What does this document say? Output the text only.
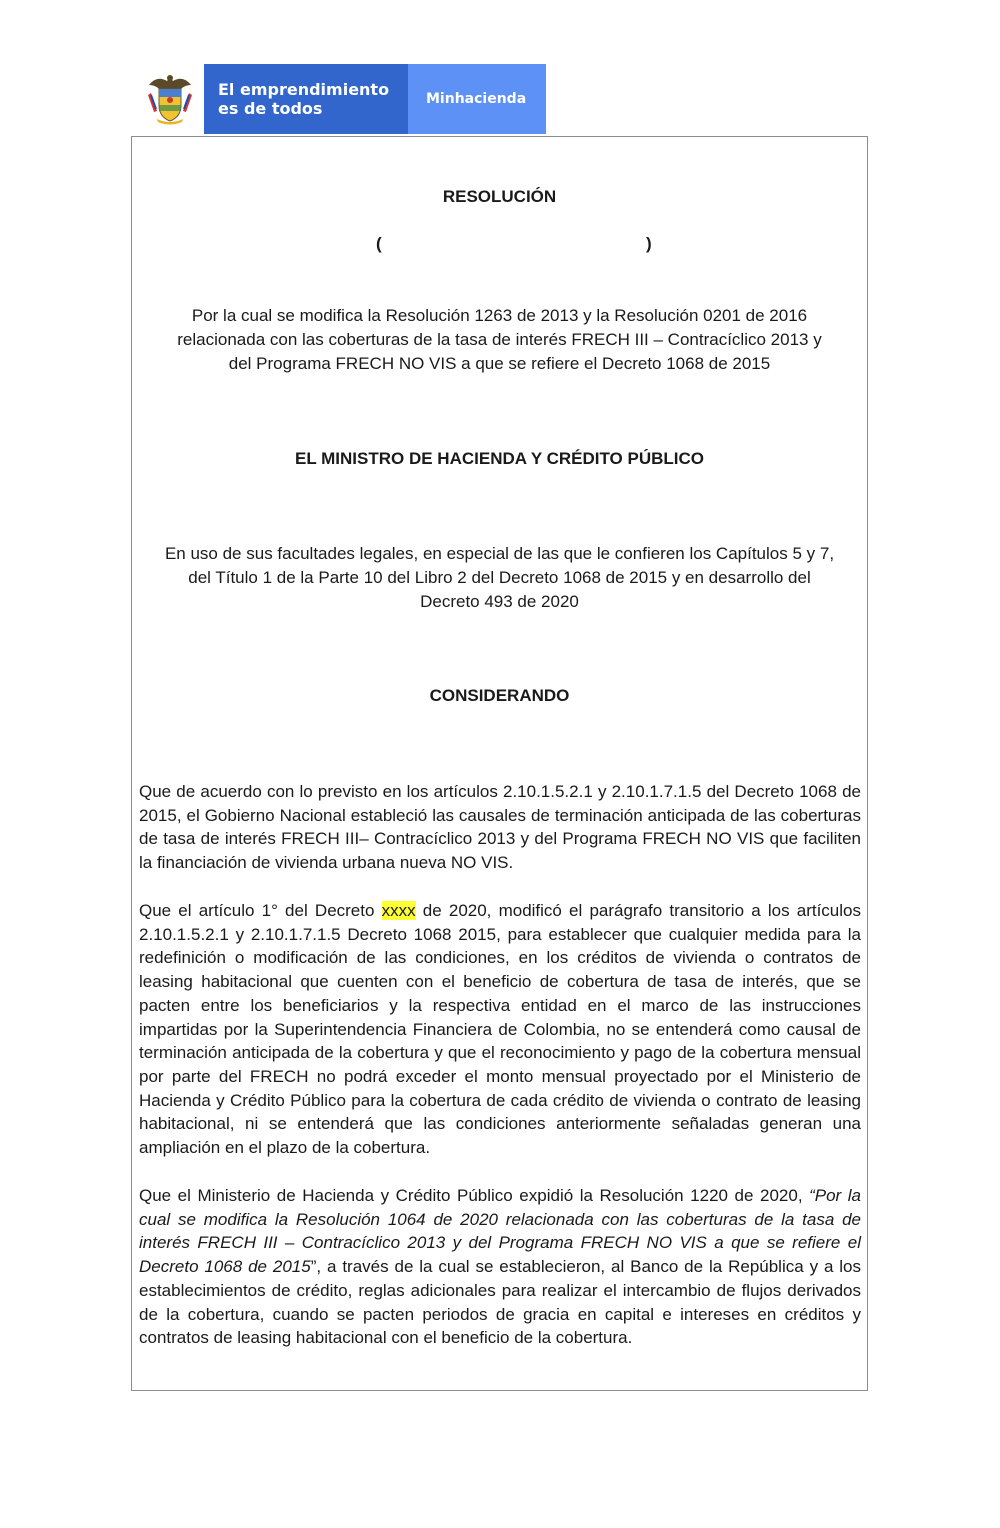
El emprendimiento
es de todos	Minhacienda
RESOLUCIÓN
(	)
Por la cual se modifica la Resolución 1263 de 2013 y la Resolución 0201 de 2016
relacionada con las coberturas de la tasa de interés FRECH III – Contracíclico 2013 y
del Programa FRECH NO VIS a que se refiere el Decreto 1068 de 2015
EL MINISTRO DE HACIENDA Y CRÉDITO PÚBLICO
En uso de sus facultades legales, en especial de las que le confieren los Capítulos 5 y 7,
del Título 1 de la Parte 10 del Libro 2 del Decreto 1068 de 2015 y en desarrollo del
Decreto 493 de 2020
CONSIDERANDO
Que de acuerdo con lo previsto en los artículos 2.10.1.5.2.1 y 2.10.1.7.1.5 del Decreto 1068 de 2015, el Gobierno Nacional estableció las causales de terminación anticipada de las coberturas de tasa de interés FRECH III– Contracíclico 2013 y del Programa FRECH NO VIS que faciliten la financiación de vivienda urbana nueva NO VIS.
Que el artículo 1° del Decreto xxxx de 2020, modificó el parágrafo transitorio a los artículos 2.10.1.5.2.1 y 2.10.1.7.1.5 Decreto 1068 2015, para establecer que cualquier medida para la redefinición o modificación de las condiciones, en los créditos de vivienda o contratos de leasing habitacional que cuenten con el beneficio de cobertura de tasa de interés, que se pacten entre los beneficiarios y la respectiva entidad en el marco de las instrucciones impartidas por la Superintendencia Financiera de Colombia, no se entenderá como causal de terminación anticipada de la cobertura y que el reconocimiento y pago de la cobertura mensual por parte del FRECH no podrá exceder el monto mensual proyectado por el Ministerio de Hacienda y Crédito Público para la cobertura de cada crédito de vivienda o contrato de leasing habitacional, ni se entenderá que las condiciones anteriormente señaladas generan una ampliación en el plazo de la cobertura.
Que el Ministerio de Hacienda y Crédito Público expidió la Resolución 1220 de 2020, “Por la cual se modifica la Resolución 1064 de 2020 relacionada con las coberturas de la tasa de interés FRECH III – Contracíclico 2013 y del Programa FRECH NO VIS a que se refiere el Decreto 1068 de 2015”, a través de la cual se establecieron, al Banco de la República y a los establecimientos de crédito, reglas adicionales para realizar el intercambio de flujos derivados de la cobertura, cuando se pacten periodos de gracia en capital e intereses en créditos y contratos de leasing habitacional con el beneficio de la cobertura.
